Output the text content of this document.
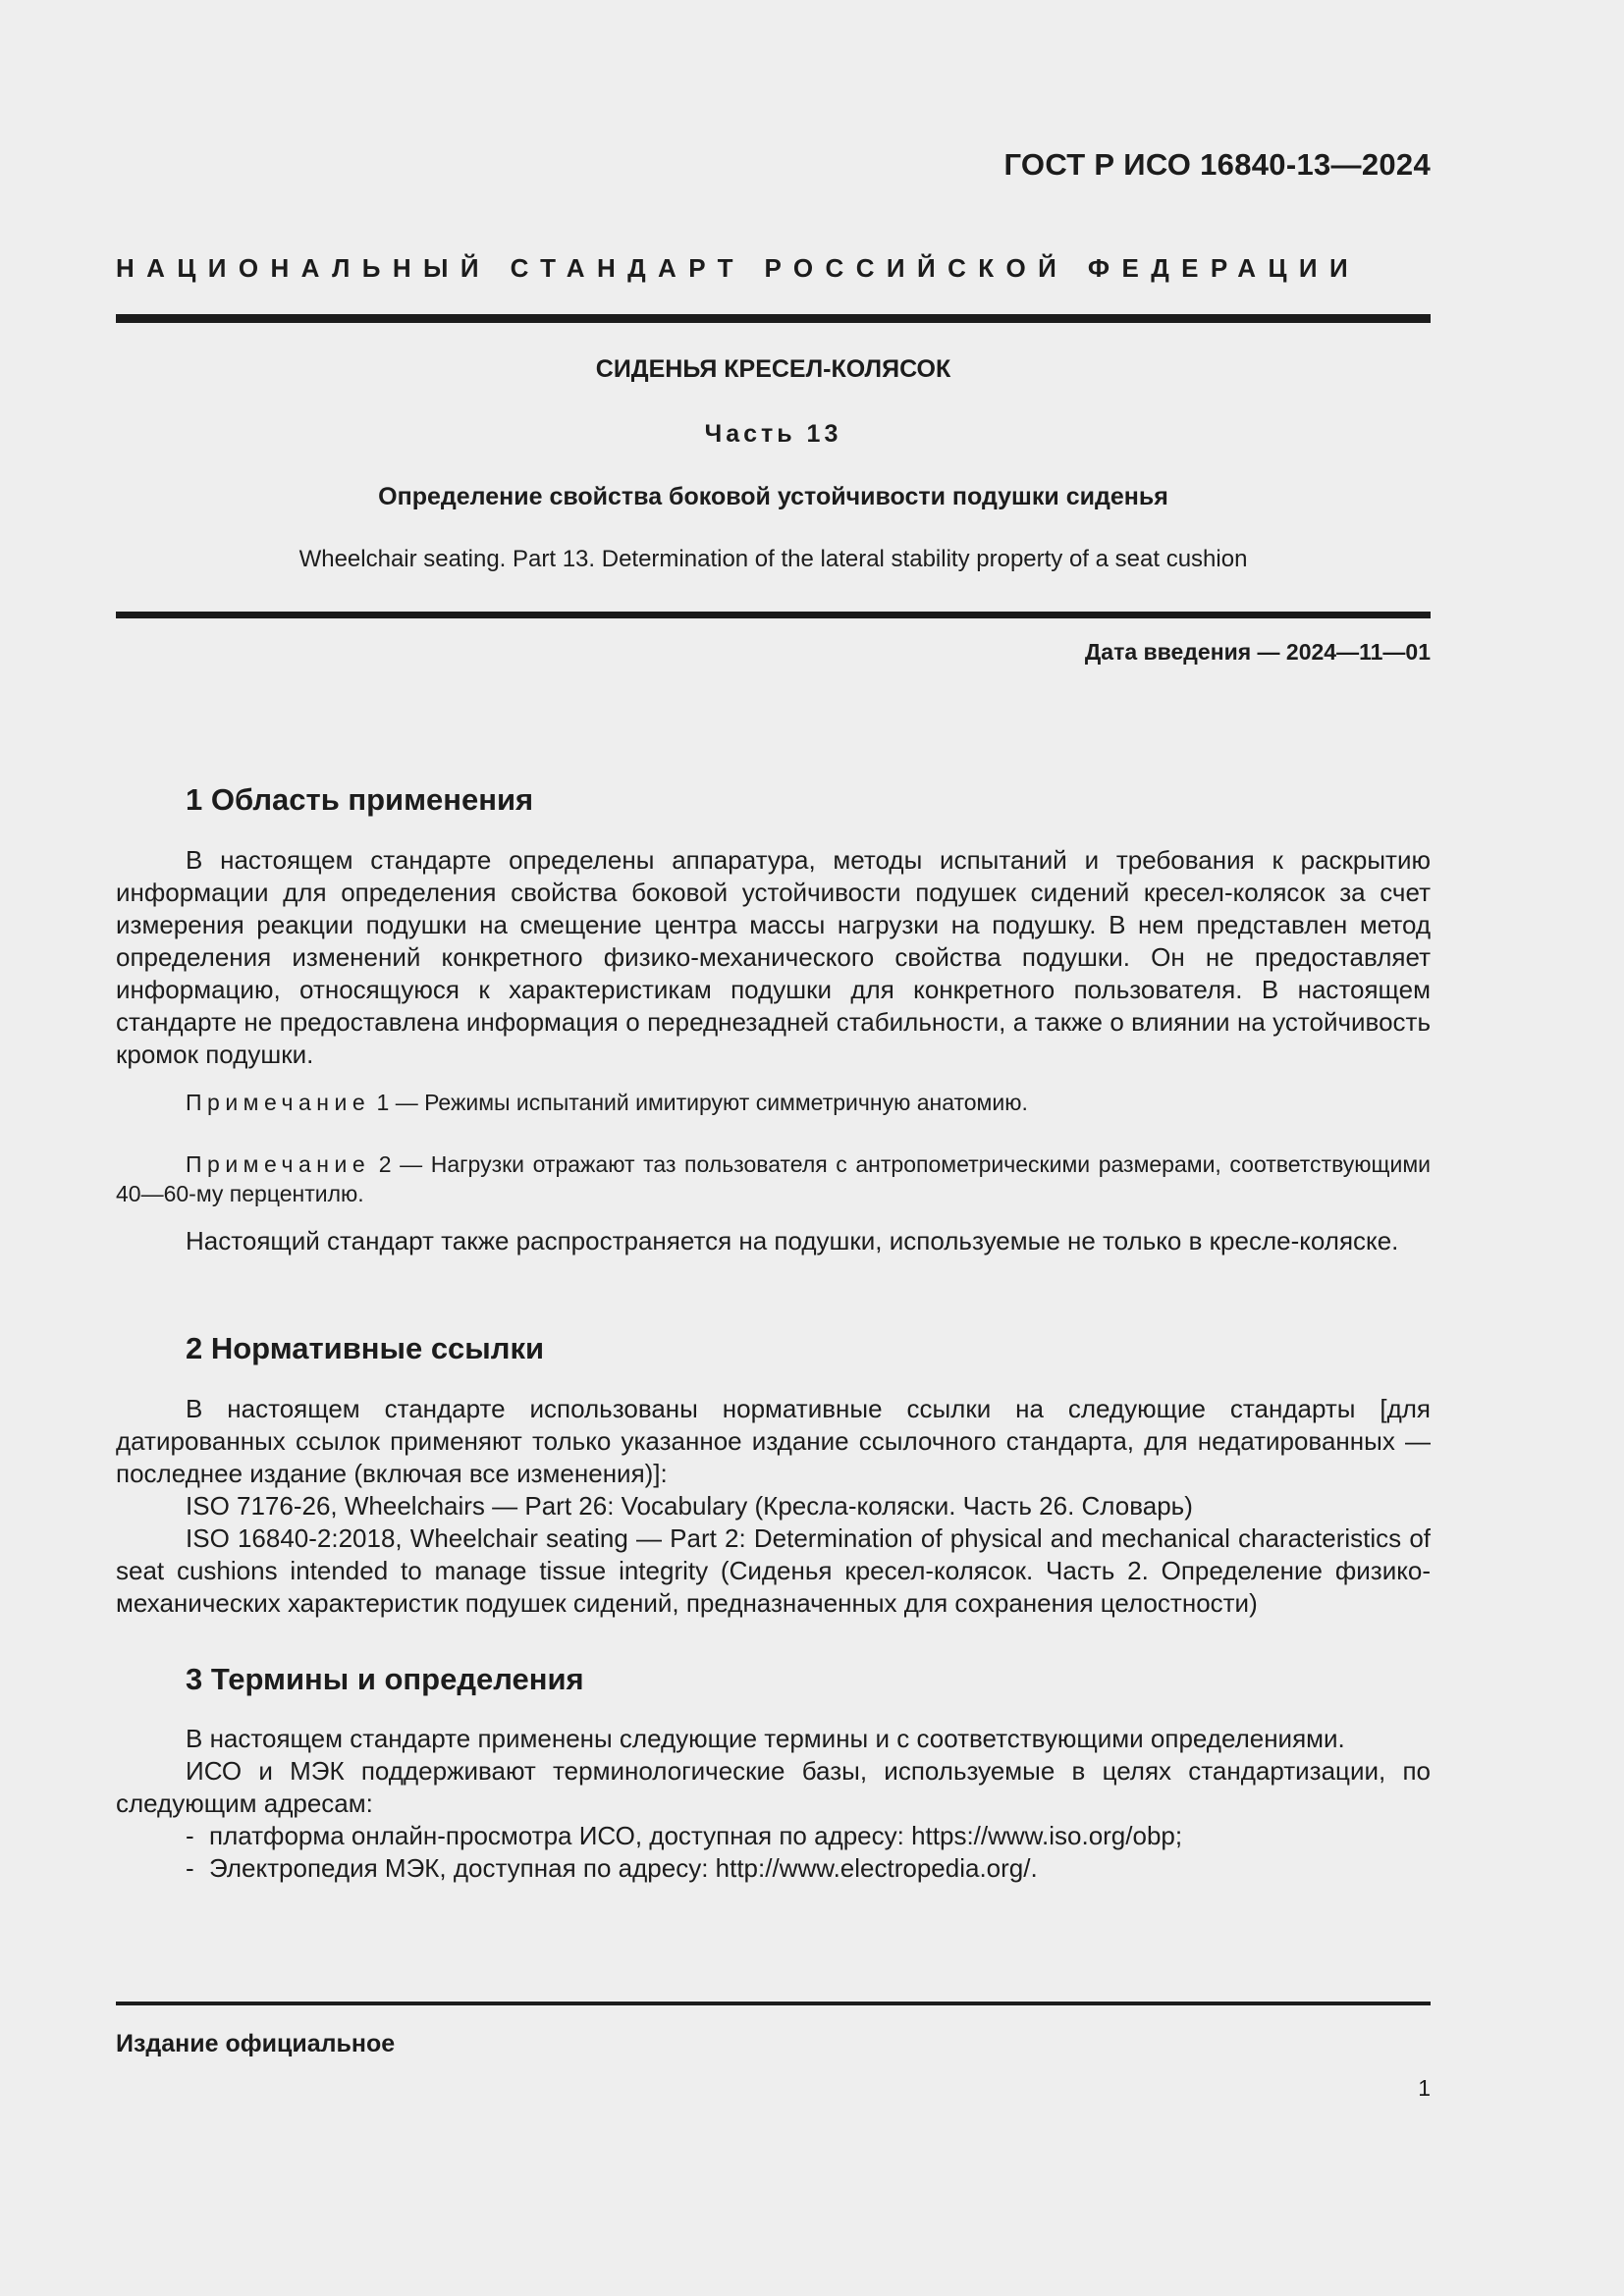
ГОСТ Р ИСО 16840-13—2024
НАЦИОНАЛЬНЫЙ СТАНДАРТ РОССИЙСКОЙ ФЕДЕРАЦИИ
СИДЕНЬЯ КРЕСЕЛ-КОЛЯСОК
Часть 13
Определение свойства боковой устойчивости подушки сиденья
Wheelchair seating. Part 13. Determination of the lateral stability property of a seat cushion
Дата введения — 2024—11—01
1 Область применения
В настоящем стандарте определены аппаратура, методы испытаний и требования к раскрытию информации для определения свойства боковой устойчивости подушек сидений кресел-колясок за счет измерения реакции подушки на смещение центра массы нагрузки на подушку. В нем представлен метод определения изменений конкретного физико-механического свойства подушки. Он не предоставляет информацию, относящуюся к характеристикам подушки для конкретного пользователя. В настоящем стандарте не предоставлена информация о переднезадней стабильности, а также о влиянии на устойчивость кромок подушки.
Примечание 1 — Режимы испытаний имитируют симметричную анатомию.
Примечание 2 — Нагрузки отражают таз пользователя с антропометрическими размерами, соответствующими 40—60-му перцентилю.
Настоящий стандарт также распространяется на подушки, используемые не только в кресле-коляске.
2 Нормативные ссылки
В настоящем стандарте использованы нормативные ссылки на следующие стандарты [для датированных ссылок применяют только указанное издание ссылочного стандарта, для недатированных — последнее издание (включая все изменения)]:
ISO 7176-26, Wheelchairs — Part 26: Vocabulary (Кресла-коляски. Часть 26. Словарь)
ISO 16840-2:2018, Wheelchair seating — Part 2: Determination of physical and mechanical characteristics of seat cushions intended to manage tissue integrity (Сиденья кресел-колясок. Часть 2. Определение физико-механических характеристик подушек сидений, предназначенных для сохранения целостности)
3 Термины и определения
В настоящем стандарте применены следующие термины и с соответствующими определениями.
ИСО и МЭК поддерживают терминологические базы, используемые в целях стандартизации, по следующим адресам:
- платформа онлайн-просмотра ИСО, доступная по адресу: https://www.iso.org/obp;
- Электропедия МЭК, доступная по адресу: http://www.electropedia.org/.
Издание официальное
1
